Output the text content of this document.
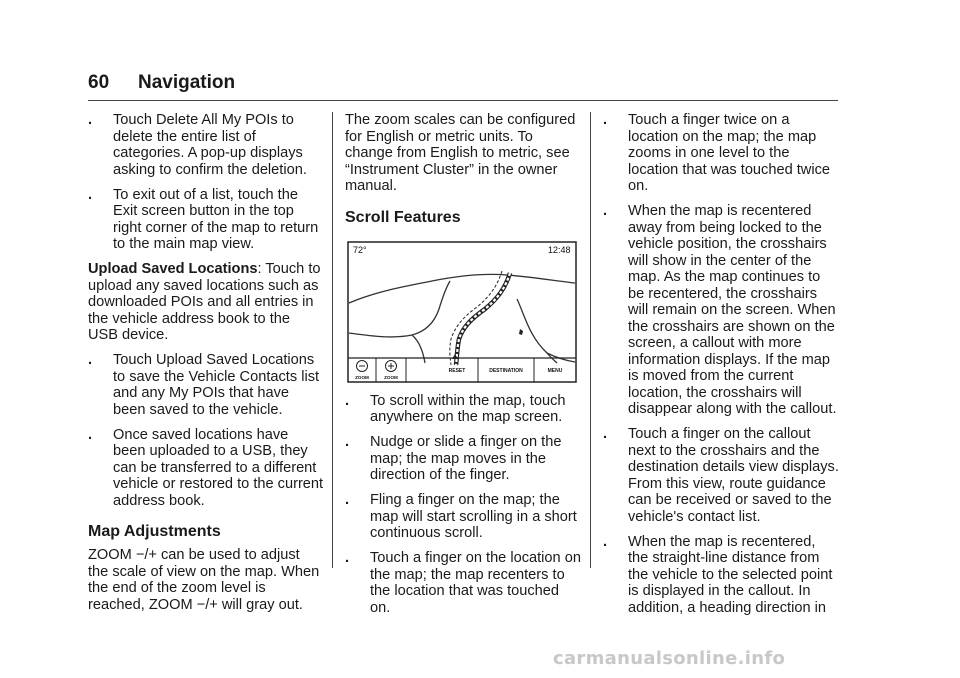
60 Navigation
.	Touch Delete All My POIs to delete the entire list of categories. A pop-up displays asking to confirm the deletion.
.	To exit out of a list, touch the Exit screen button in the top right corner of the map to return to the main map view.

Upload Saved Locations: Touch to upload any saved locations such as downloaded POIs and all entries in the vehicle address book to the USB device.

.	Touch Upload Saved Locations to save the Vehicle Contacts list and any My POIs that have been saved to the vehicle.
.	Once saved locations have been uploaded to a USB, they can be transferred to a different vehicle or restored to the current address book.
Map Adjustments

ZOOM −/+ can be used to adjust the scale of view on the map. When the end of the zoom level is reached, ZOOM −/+ will gray out.

The zoom scales can be configured for English or metric units. To change from English to metric, see “Instrument Cluster” in the owner manual.

Scroll Features
72°	12:48
ZOOM	ZOOM
RESET	DESTINATION	MENU
.	To scroll within the map, touch anywhere on the map screen.
.	Nudge or slide a finger on the map; the map moves in the direction of the finger.
.	Fling a finger on the map; the map will start scrolling in a short continuous scroll.
.	Touch a finger on the location on the map; the map recenters to the location that was touched on.
.	Touch a finger twice on a location on the map; the map zooms in one level to the location that was touched twice on.
.	When the map is recentered away from being locked to the vehicle position, the crosshairs will show in the center of the map. As the map continues to be recentered, the crosshairs will remain on the screen. When the crosshairs are shown on the screen, a callout with more information displays. If the map is moved from the current location, the crosshairs will disappear along with the callout.
.	Touch a finger on the callout next to the crosshairs and the destination details view displays. From this view, route guidance can be received or saved to the vehicle's contact list.
.	When the map is recentered, the straight-line distance from the vehicle to the selected point is displayed in the callout. In addition, a heading direction in
carmanualsonline.info
